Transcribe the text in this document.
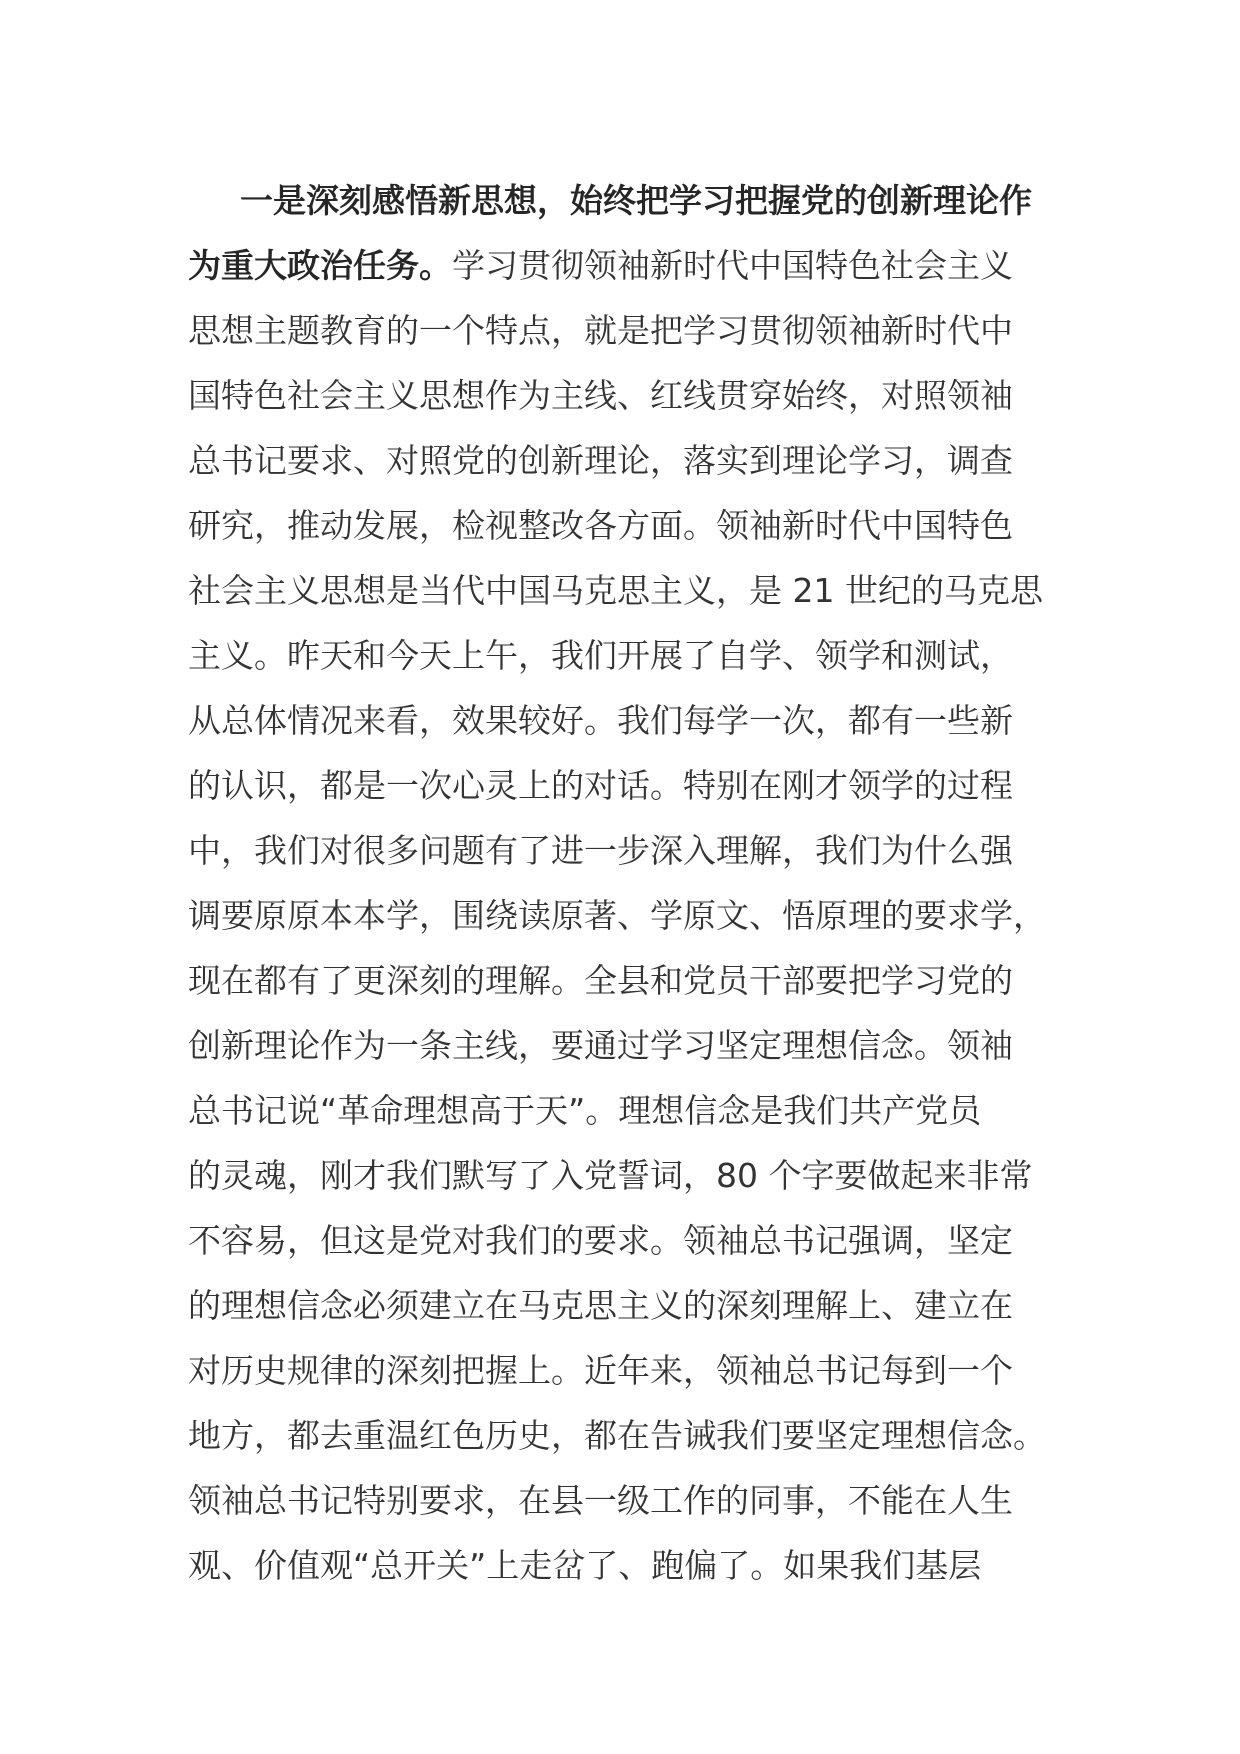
一是深刻感悟新思想，始终把学习把握党的创新理论作
为重大政治任务。学习贯彻领袖新时代中国特色社会主义
思想主题教育的一个特点，就是把学习贯彻领袖新时代中
国特色社会主义思想作为主线、红线贯穿始终，对照领袖
总书记要求、对照党的创新理论，落实到理论学习，调查
研究，推动发展，检视整改各方面。领袖新时代中国特色
社会主义思想是当代中国马克思主义，是 21 世纪的马克思
主义。昨天和今天上午，我们开展了自学、领学和测试，
从总体情况来看，效果较好。我们每学一次，都有一些新
的认识，都是一次心灵上的对话。特别在刚才领学的过程
中，我们对很多问题有了进一步深入理解，我们为什么强
调要原原本本学，围绕读原著、学原文、悟原理的要求学，
现在都有了更深刻的理解。全县和党员干部要把学习党的
创新理论作为一条主线，要通过学习坚定理想信念。领袖
总书记说“革命理想高于天”。理想信念是我们共产党员
的灵魂，刚才我们默写了入党誓词，80 个字要做起来非常
不容易，但这是党对我们的要求。领袖总书记强调，坚定
的理想信念必须建立在马克思主义的深刻理解上、建立在
对历史规律的深刻把握上。近年来，领袖总书记每到一个
地方，都去重温红色历史，都在告诫我们要坚定理想信念。
领袖总书记特别要求，在县一级工作的同事，不能在人生
观、价值观“总开关”上走岔了、跑偏了。如果我们基层
